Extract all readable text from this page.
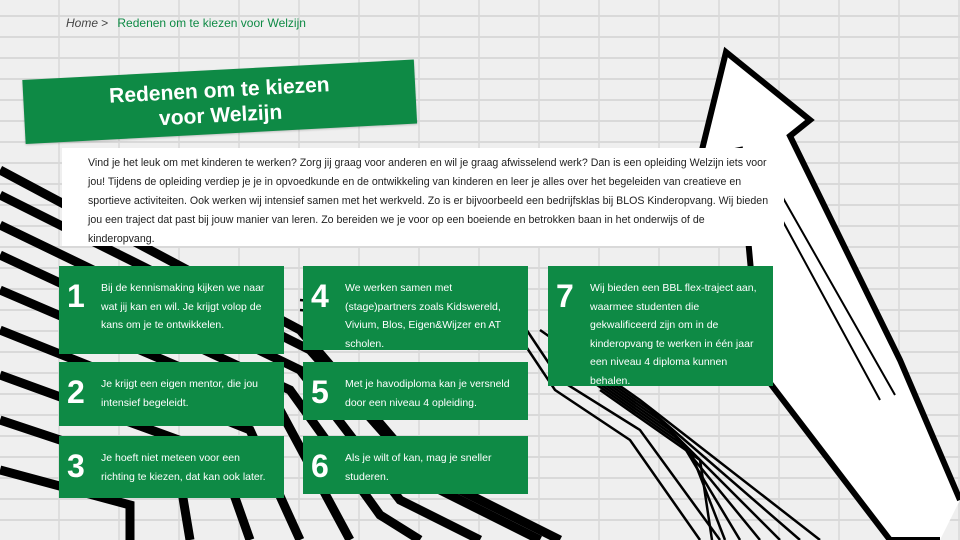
Home > Redenen om te kiezen voor Welzijn
Redenen om te kiezen
voor Welzijn
Vind je het leuk om met kinderen te werken? Zorg jij graag voor anderen en wil je graag afwisselend werk? Dan is een opleiding Welzijn iets voor jou! Tijdens de opleiding verdiep je je in opvoedkunde en de ontwikkeling van kinderen en leer je alles over het begeleiden van creatieve en sportieve activiteiten. Ook werken wij intensief samen met het werkveld. Zo is er bijvoorbeeld een bedrijfsklas bij BLOS Kinderopvang. Wij bieden jou een traject dat past bij jouw manier van leren. Zo bereiden we je voor op een boeiende en betrokken baan in het onderwijs of de kinderopvang.
1	Bij de kennismaking kijken we naar wat jij kan en wil. Je krijgt volop de kans om je te ontwikkelen.
2	Je krijgt een eigen mentor, die jou intensief begeleidt.
3	Je hoeft niet meteen voor een richting te kiezen, dat kan ook later.
4	We werken samen met (stage)partners zoals Kidswereld, Vivium, Blos, Eigen&Wijzer en AT scholen.
5	Met je havodiploma kan je versneld door een niveau 4 opleiding.
6	Als je wilt of kan, mag je sneller studeren.
7	Wij bieden een BBL flex-traject aan, waarmee studenten die gekwalificeerd zijn om in de kinderopvang te werken in één jaar een niveau 4 diploma kunnen behalen.
